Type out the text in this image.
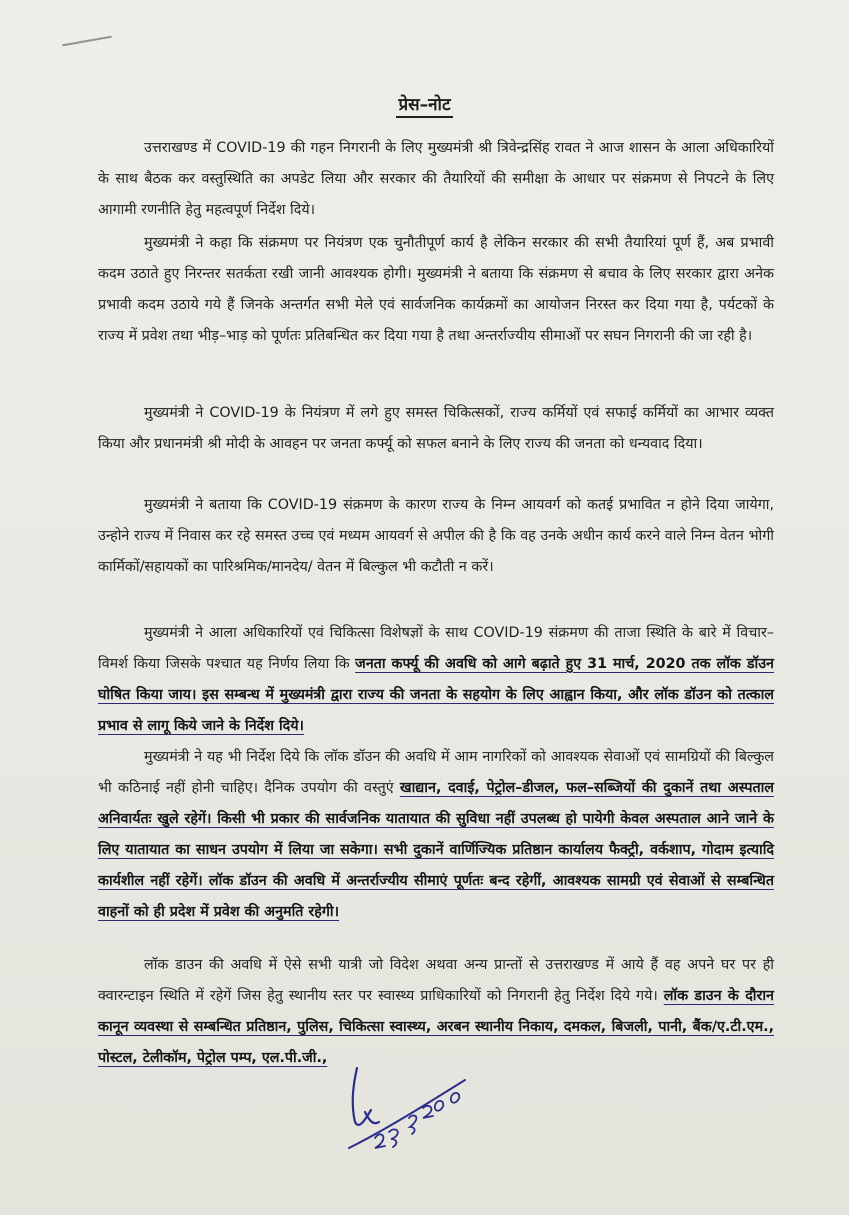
प्रेस–नोट

उत्तराखण्ड में COVID-19 की गहन निगरानी के लिए मुख्यमंत्री श्री त्रिवेन्द्रसिंह रावत ने आज शासन के आला अधिकारियों के साथ बैठक कर वस्तुस्थिति का अपडेट लिया और सरकार की तैयारियों की समीक्षा के आधार पर संक्रमण से निपटने के लिए आगामी रणनीति हेतु महत्वपूर्ण निर्देश दिये।

मुख्यमंत्री ने कहा कि संक्रमण पर नियंत्रण एक चुनौतीपूर्ण कार्य है लेकिन सरकार की सभी तैयारियां पूर्ण हैं, अब प्रभावी कदम उठाते हुए निरन्तर सतर्कता रखी जानी आवश्यक होगी। मुख्यमंत्री ने बताया कि संक्रमण से बचाव के लिए सरकार द्वारा अनेक प्रभावी कदम उठाये गये हैं जिनके अन्तर्गत सभी मेले एवं सार्वजनिक कार्यक्रमों का आयोजन निरस्त कर दिया गया है, पर्यटकों के राज्य में प्रवेश तथा भीड़–भाड़ को पूर्णतः प्रतिबन्धित कर दिया गया है तथा अन्तर्राज्यीय सीमाओं पर सघन निगरानी की जा रही है।

मुख्यमंत्री ने COVID-19 के नियंत्रण में लगे हुए समस्त चिकित्सकों, राज्य कर्मियों एवं सफाई कर्मियों का आभार व्यक्त किया और प्रधानमंत्री श्री मोदी के आवहन पर जनता कर्फ्यू को सफल बनाने के लिए राज्य की जनता को धन्यवाद दिया।

मुख्यमंत्री ने बताया कि COVID-19 संक्रमण के कारण राज्य के निम्न आयवर्ग को कतई प्रभावित न होने दिया जायेगा, उन्होने राज्य में निवास कर रहे समस्त उच्च एवं मध्यम आयवर्ग से अपील की है कि वह उनके अधीन कार्य करने वाले निम्न वेतन भोगी कार्मिकों/सहायकों का पारिश्रमिक/मानदेय/ वेतन में बिल्कुल भी कटौती न करें।

मुख्यमंत्री ने आला अधिकारियों एवं चिकित्सा विशेषज्ञों के साथ COVID-19 संक्रमण की ताजा स्थिति के बारे में विचार–विमर्श किया जिसके पश्चात यह निर्णय लिया कि जनता कर्फ्यू की अवधि को आगे बढ़ाते हुए 31 मार्च, 2020 तक लॉक डॉउन घोषित किया जाय। इस सम्बन्ध में मुख्यमंत्री द्वारा राज्य की जनता के सहयोग के लिए आह्वान किया, और लॉक डॉउन को तत्काल प्रभाव से लागू किये जाने के निर्देश दिये।

मुख्यमंत्री ने यह भी निर्देश दिये कि लॉक डॉउन की अवधि में आम नागरिकों को आवश्यक सेवाओं एवं सामग्रियों की बिल्कुल भी कठिनाई नहीं होनी चाहिए। दैनिक उपयोग की वस्तुएं खाद्यान, दवाई, पेट्रोल–डीजल, फल–सब्जियों की दुकानें तथा अस्पताल अनिवार्यतः खुले रहेगें। किसी भी प्रकार की सार्वजनिक यातायात की सुविधा नहीं उपलब्ध हो पायेगी केवल अस्पताल आने जाने के लिए यातायात का साधन उपयोग में लिया जा सकेगा। सभी दुकानें वार्णिज्यिक प्रतिष्ठान कार्यालय फैक्ट्री, वर्कशाप, गोदाम इत्यादि कार्यशील नहीं रहेगें। लॉक डॉउन की अवधि में अन्तर्राज्यीय सीमाएं पूर्णतः बन्द रहेगीं, आवश्यक सामग्री एवं सेवाओं से सम्बन्धित वाहनों को ही प्रदेश में प्रवेश की अनुमति रहेगी।

लॉक डाउन की अवधि में ऐसे सभी यात्री जो विदेश अथवा अन्य प्रान्तों से उत्तराखण्ड में आये हैं वह अपने घर पर ही क्वारन्टाइन स्थिति में रहेगें जिस हेतु स्थानीय स्तर पर स्वास्थ्य प्राधिकारियों को निगरानी हेतु निर्देश दिये गये। लॉक डाउन के दौरान कानून व्यवस्था से सम्बन्धित प्रतिष्ठान, पुलिस, चिकित्सा स्वास्थ्य, अरबन स्थानीय निकाय, दमकल, बिजली, पानी, बैंक/ए.टी.एम., पोस्टल, टेलीकॉम, पेट्रोल पम्प, एल.पी.जी.,
